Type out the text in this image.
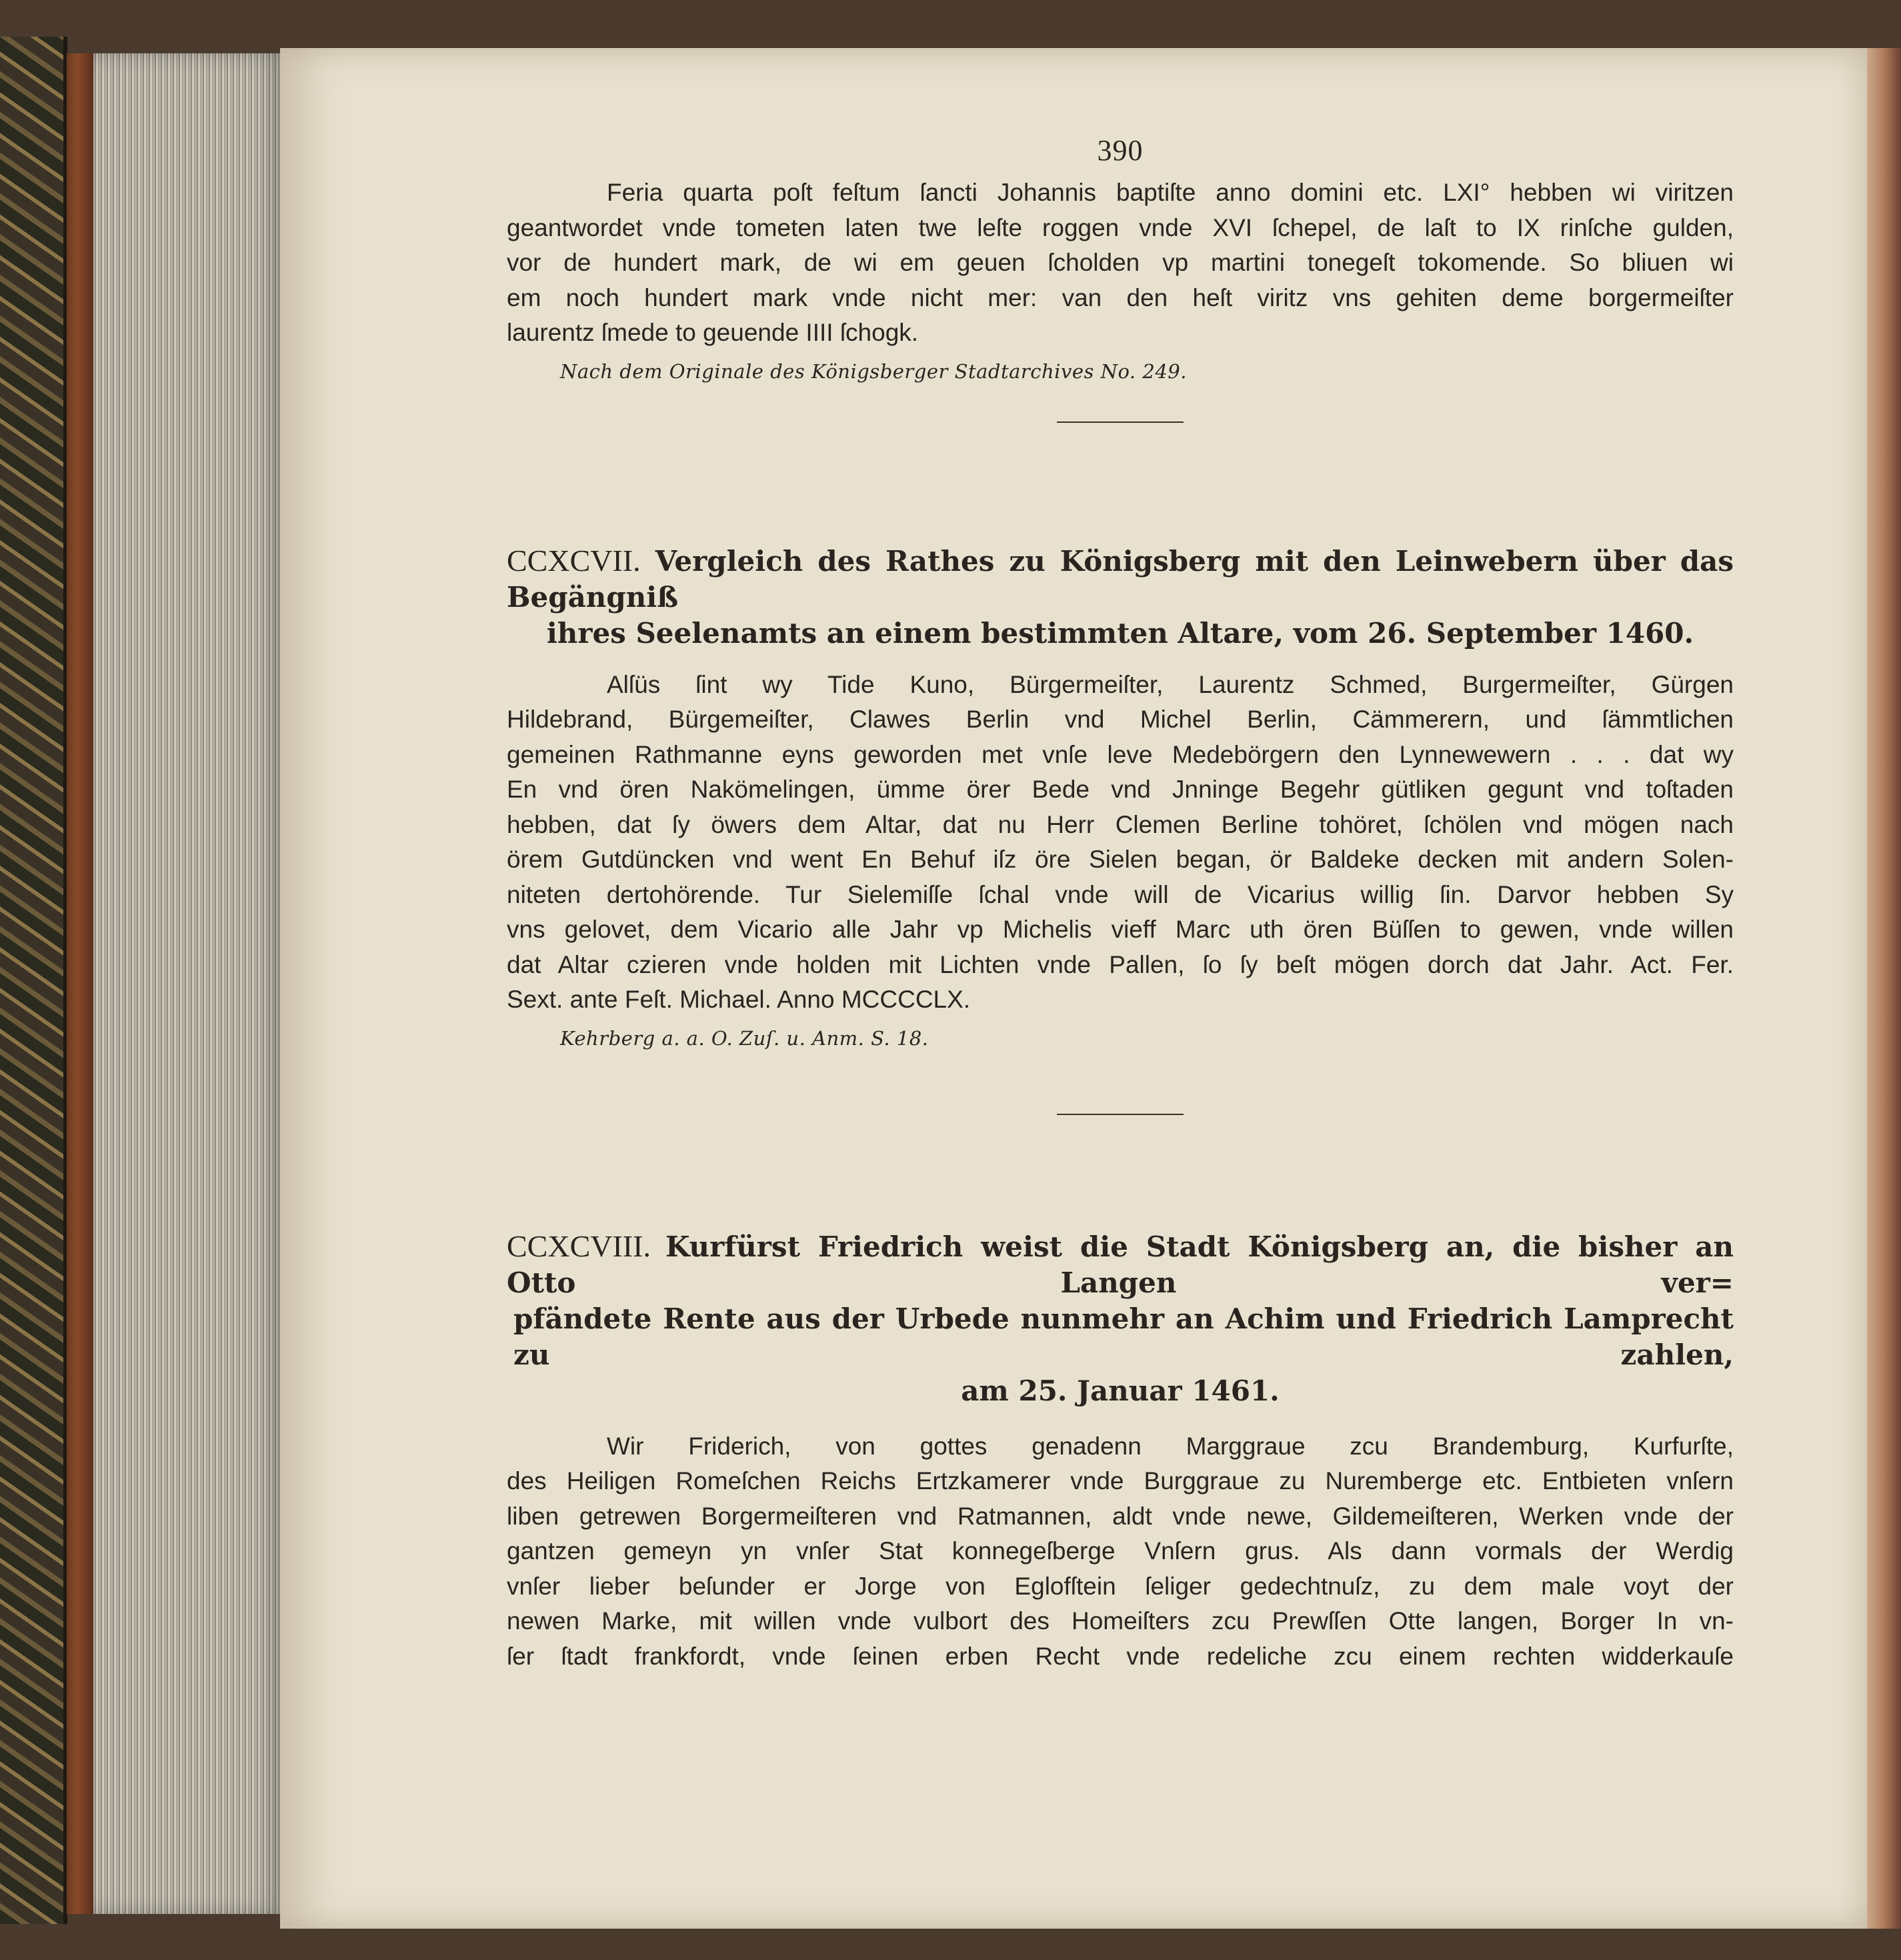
390

Feria quarta poſt feſtum ſancti Johannis baptiſte anno domini etc. LXI° hebben wi viritzen

geantwordet vnde tometen laten twe leſte roggen vnde XVI ſchepel, de laſt to IX rinſche gulden,

vor de hundert mark, de wi em geuen ſcholden vp martini tonegeſt tokomende. So bliuen wi

em noch hundert mark vnde nicht mer: van den heſt viritz vns gehiten deme borgermeiſter

laurentz ſmede to geuende IIII ſchogk.

Nach dem Originale des Königsberger Stadtarchives No. 249.
CCXCVII. Vergleich des Rathes zu Königsberg mit den Leinwebern über das Begängniß
ihres Seelenamts an einem bestimmten Altare, vom 26. September 1460.

Alſüs ſint wy Tide Kuno, Bürgermeiſter, Laurentz Schmed, Burgermeiſter, Gürgen

Hildebrand, Bürgemeiſter, Clawes Berlin vnd Michel Berlin, Cämmerern, und ſämmtlichen

gemeinen Rathmanne eyns geworden met vnſe leve Medebörgern den Lynnewewern . . . dat wy

En vnd ören Nakömelingen, ümme örer Bede vnd Jnninge Begehr gütliken gegunt vnd toſtaden

hebben, dat ſy öwers dem Altar, dat nu Herr Clemen Berline tohöret, ſchölen vnd mögen nach

örem Gutdüncken vnd went En Behuf iſz öre Sielen began, ör Baldeke decken mit andern Solen-

niteten dertohörende. Tur Sielemiſſe ſchal vnde will de Vicarius willig ſin. Darvor hebben Sy

vns gelovet, dem Vicario alle Jahr vp Michelis vieff Marc uth ören Büſſen to gewen, vnde willen

dat Altar czieren vnde holden mit Lichten vnde Pallen, ſo ſy beſt mögen dorch dat Jahr. Act. Fer.

Sext. ante Feſt. Michael. Anno MCCCCLX.

Kehrberg a. a. O. Zuſ. u. Anm. S. 18.
CCXCVIII. Kurfürst Friedrich weist die Stadt Königsberg an, die bisher an Otto Langen ver=
pfändete Rente aus der Urbede nunmehr an Achim und Friedrich Lamprecht zu zahlen,
am 25. Januar 1461.

Wir Friderich, von gottes genadenn Marggraue zcu Brandemburg, Kurfurſte,

des Heiligen Romeſchen Reichs Ertzkamerer vnde Burggraue zu Nuremberge etc. Entbieten vnſern

liben getrewen Borgermeiſteren vnd Ratmannen, aldt vnde newe, Gildemeiſteren, Werken vnde der

gantzen gemeyn yn vnſer Stat konnegeſberge Vnſern grus. Als dann vormals der Werdig

vnſer lieber beſunder er Jorge von Eglofſtein ſeliger gedechtnuſz, zu dem male voyt der

newen Marke, mit willen vnde vulbort des Homeiſters zcu Prewſſen Otte langen, Borger In vn-

ſer ſtadt frankfordt, vnde ſeinen erben Recht vnde redeliche zcu einem rechten widderkauſe
